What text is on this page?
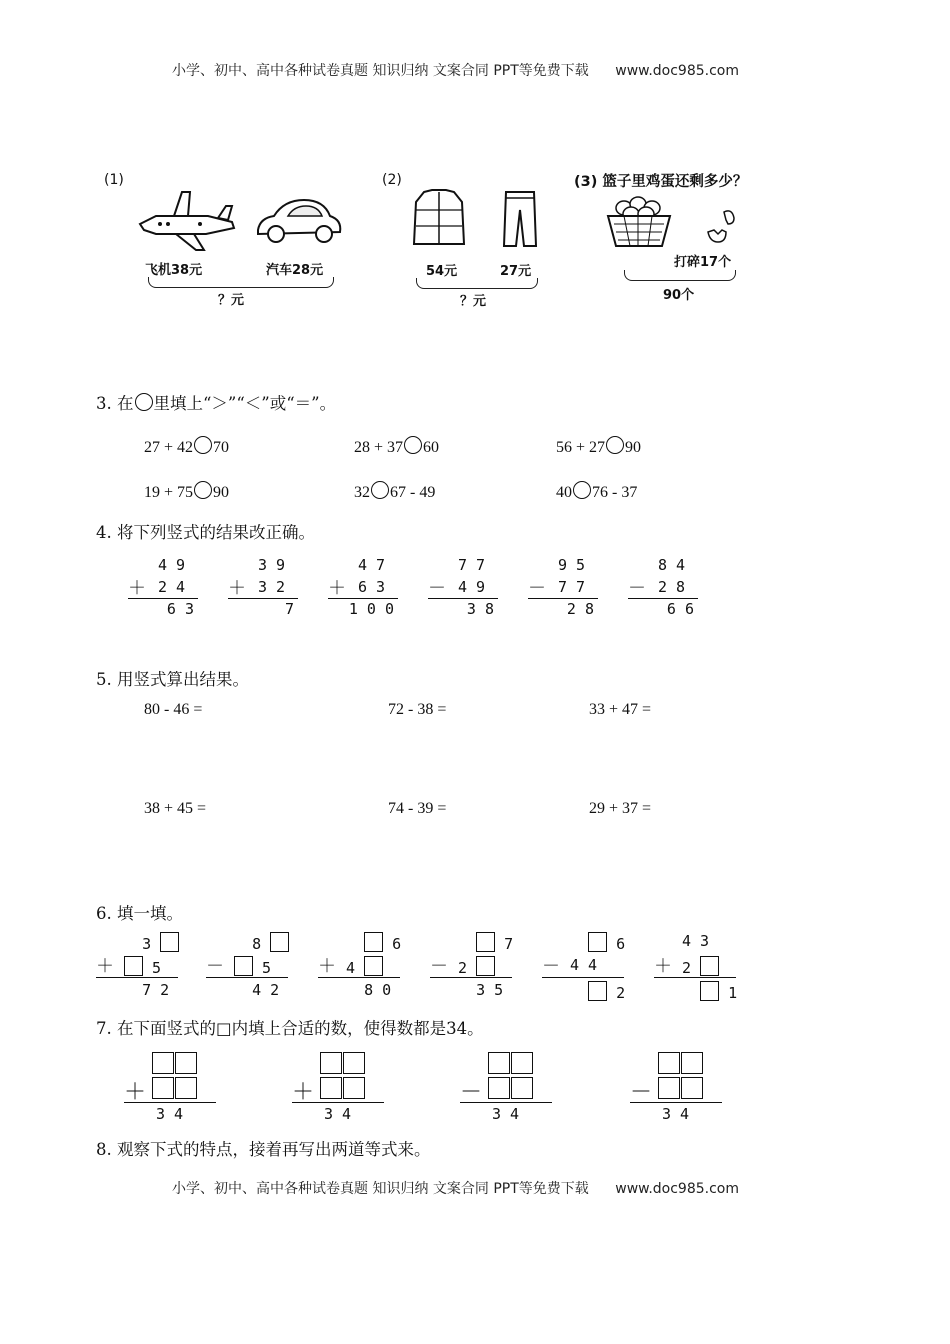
小学、初中、高中各种试卷真题 知识归纳 文案合同 PPT等免费下载 www.doc985.com
(1)
飞机38元	汽车28元
？元
(2)
54元	27元
？元
(3) 篮子里鸡蛋还剩多少？
打碎17个
90个
3. 在 里填上“＞”“＜”或“＝”。
27 + 42 70	28 + 37 60	56 + 27 90
19 + 75 90	32 67 - 49	40 76 - 37
4. 将下列竖式的结果改正确。
4 9
＋ 2 4
6 3
3 9
＋ 3 2
7
4 7
＋ 6 3
1 0 0
7 7
－ 4 9
3 8
9 5
－ 7 7
2 8
8 4
－ 2 8
6 6
5. 用竖式算出结果。
80 - 46 =	72 - 38 =	33 + 47 =
38 + 45 =	74 - 39 =	29 + 37 =
6. 填一填。
3
＋	5
7 2
8
－	5
4 2
6
＋ 4
8 0
7
－ 2
3 5
6
－ 4 4
2
4 3
＋ 2
1
7. 在下面竖式的□内填上合适的数，使得数都是34。
＋
3 4
＋
3 4
－
3 4
－
3 4
8. 观察下式的特点，接着再写出两道等式来。
小学、初中、高中各种试卷真题 知识归纳 文案合同 PPT等免费下载 www.doc985.com
